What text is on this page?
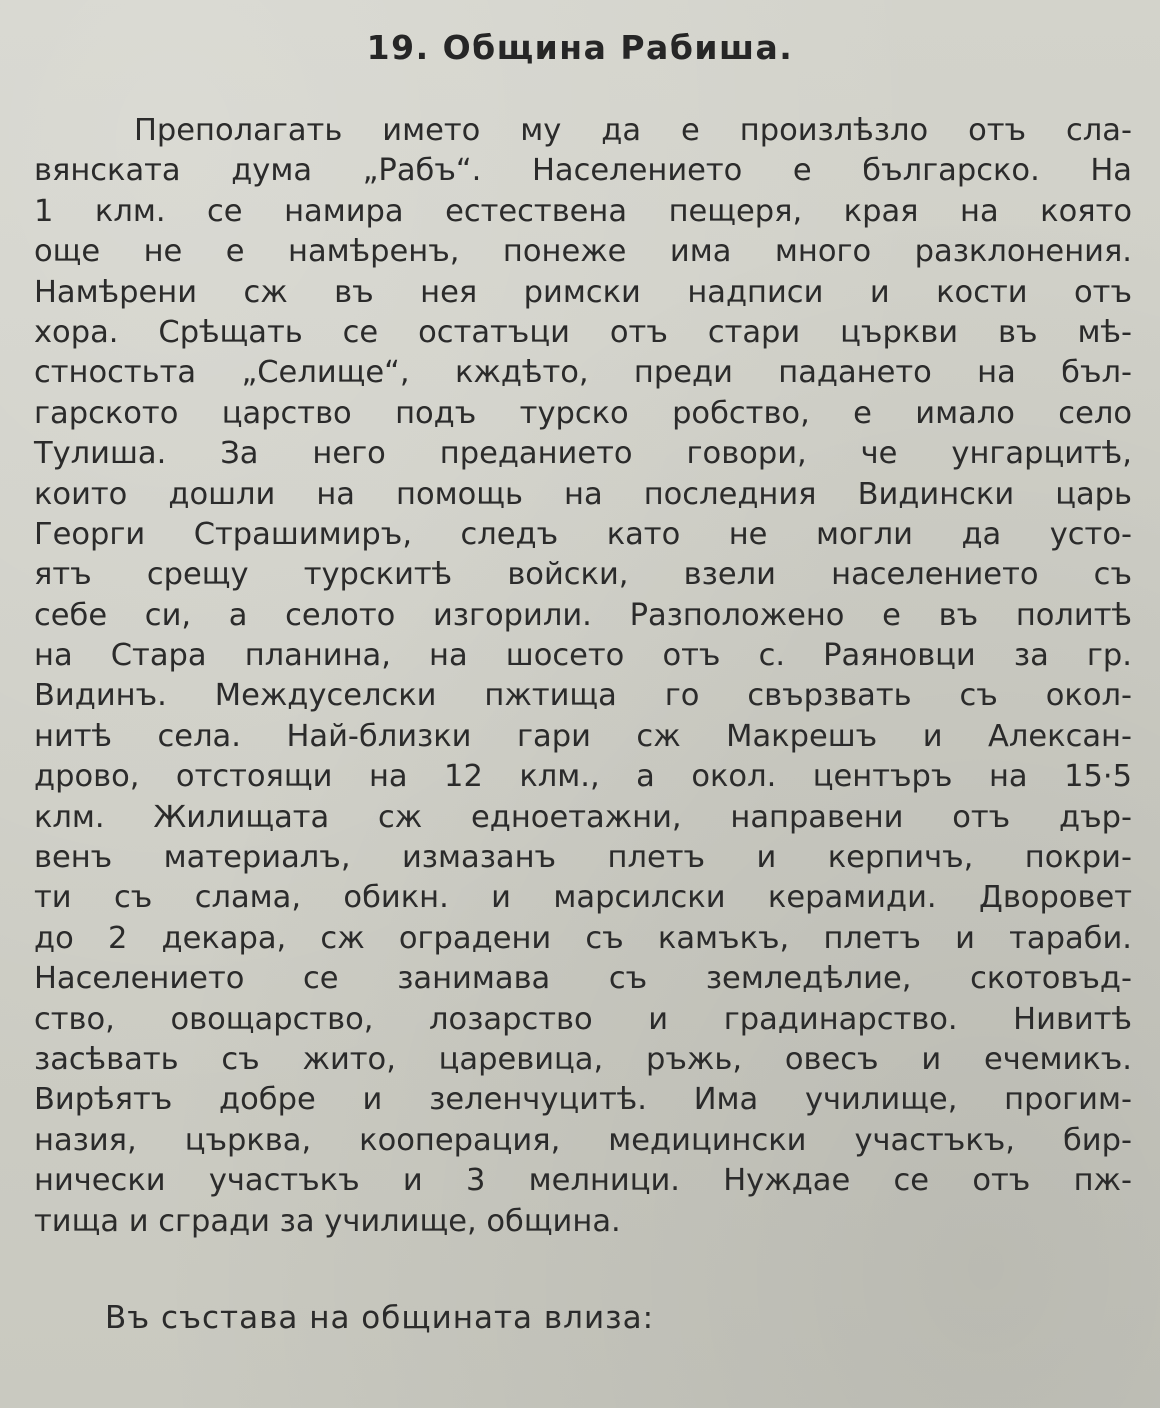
19. Община Рабиша.
Преполагать името му да е произлѣзло отъ сла-
вянската дума „Рабъ“. Населението е българско. На
1 клм. се намира естествена пещеря, края на която
още не е намѣренъ, понеже има много разклонения.
Намѣрени сж въ нея римски надписи и кости отъ
хора. Срѣщать се остатъци отъ стари църкви въ мѣ-
стностьта „Селище“, кждѣто, преди падането на бъл-
гарското царство подъ турско робство, е имало село
Тулиша. За него преданието говори, че унгарцитѣ,
които дошли на помощь на последния Видински царь
Георги Страшимиръ, следъ като не могли да усто-
ятъ срещу турскитѣ войски, взели населението съ
себе си, а селото изгорили. Разположено е въ политѣ
на Стара планина, на шосето отъ с. Раяновци за гр.
Видинъ. Междуселски пжтища го свързвать съ окол-
нитѣ села. Най-близки гари сж Макрешъ и Алексан-
дрово, отстоящи на 12 клм., а окол. центъръ на 15·5
клм. Жилищата сж едноетажни, направени отъ дър-
венъ материалъ, измазанъ плетъ и керпичъ, покри-
ти съ слама, обикн. и марсилски керамиди. Дворовет
до 2 декара, сж оградени съ камъкъ, плетъ и тараби.
Населението се занимава съ земледѣлие, скотовъд-
ство, овощарство, лозарство и градинарство. Нивитѣ
засѣвать съ жито, царевица, ръжь, овесъ и ечемикъ.
Вирѣятъ добре и зеленчуцитѣ. Има училище, прогим-
назия, църква, кооперация, медицински участъкъ, бир-
нически участъкъ и 3 мелници. Нуждае се отъ пж-
тища и сгради за училище, община.
Въ състава на общината влиза:
